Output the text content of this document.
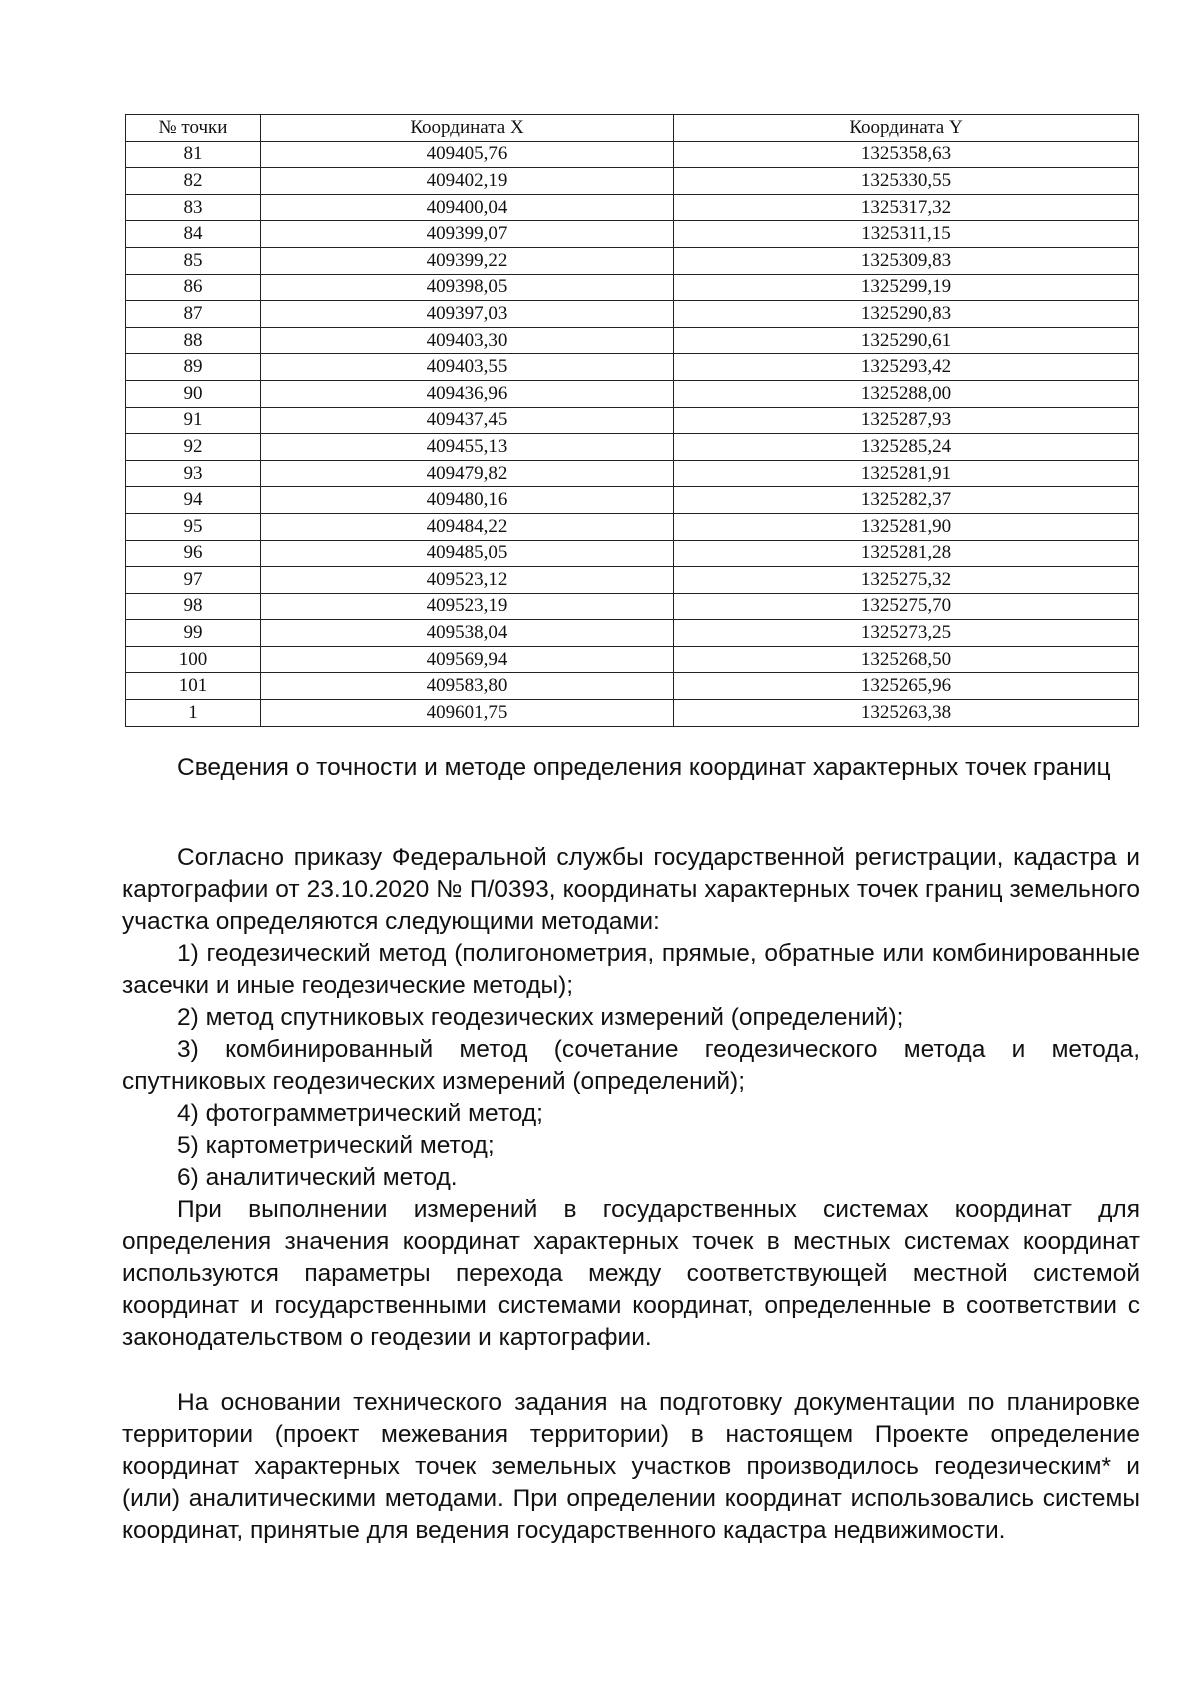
№ точки	Координата X	Координата Y
81	409405,76	1325358,63
82	409402,19	1325330,55
83	409400,04	1325317,32
84	409399,07	1325311,15
85	409399,22	1325309,83
86	409398,05	1325299,19
87	409397,03	1325290,83
88	409403,30	1325290,61
89	409403,55	1325293,42
90	409436,96	1325288,00
91	409437,45	1325287,93
92	409455,13	1325285,24
93	409479,82	1325281,91
94	409480,16	1325282,37
95	409484,22	1325281,90
96	409485,05	1325281,28
97	409523,12	1325275,32
98	409523,19	1325275,70
99	409538,04	1325273,25
100	409569,94	1325268,50
101	409583,80	1325265,96
1	409601,75	1325263,38

Сведения о точности и методе определения координат характерных точек границ

Согласно приказу Федеральной службы государственной регистрации, кадастра и картографии от 23.10.2020 № П/0393, координаты характерных точек границ земельного участка определяются следующими методами:

1) геодезический метод (полигонометрия, прямые, обратные или комбинированные засечки и иные геодезические методы);

2) метод спутниковых геодезических измерений (определений);

3) комбинированный метод (сочетание геодезического метода и метода, спутниковых геодезических измерений (определений);

4) фотограмметрический метод;

5) картометрический метод;

6) аналитический метод.

При выполнении измерений в государственных системах координат для определения значения координат характерных точек в местных системах координат используются параметры перехода между соответствующей местной системой координат и государственными системами координат, определенные в соответствии с законодательством о геодезии и картографии.

На основании технического задания на подготовку документации по планировке территории (проект межевания территории) в настоящем Проекте определение координат характерных точек земельных участков производилось геодезическим* и (или) аналитическими методами. При определении координат использовались системы координат, принятые для ведения государственного кадастра недвижимости.
